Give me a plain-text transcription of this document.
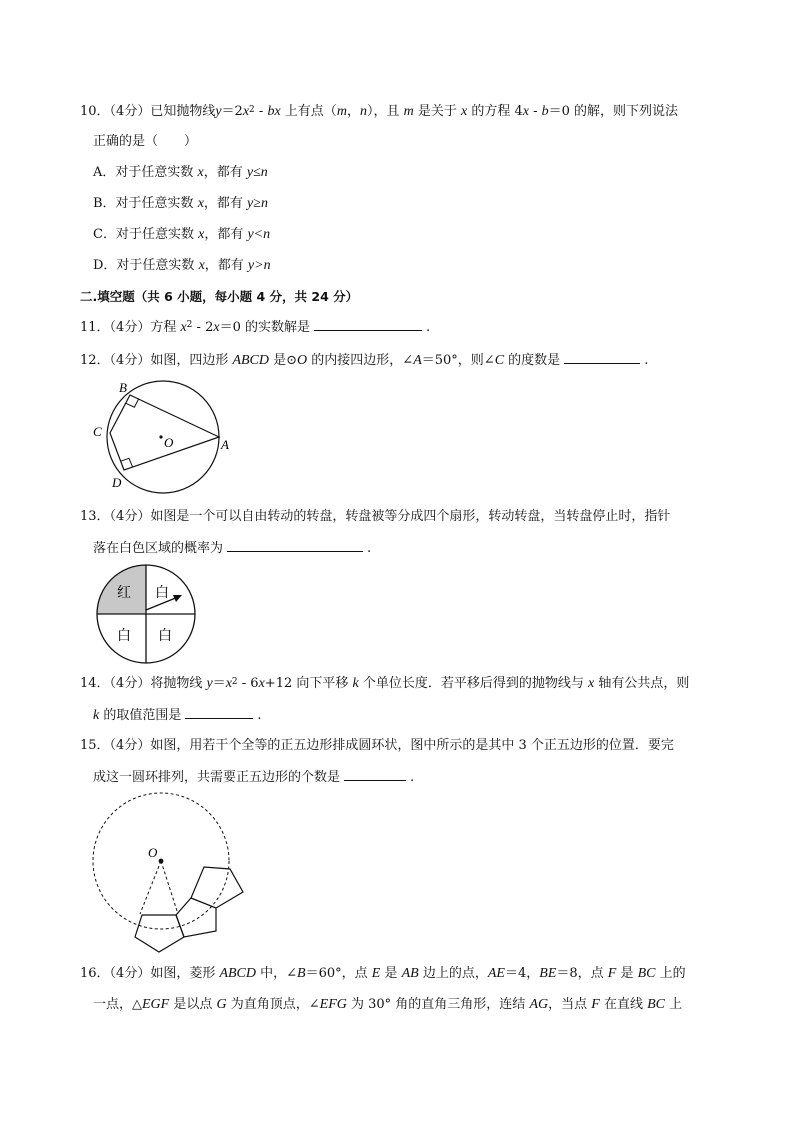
10．（4分）已知抛物线$y=2x^2$ - bx 上有点（m，n），且 m 是关于 x 的方程 4x - b＝0 的解，则下列说法
正确的是（　　）
A．对于任意实数 x，都有 y≤n
B．对于任意实数 x，都有 y≥n
C．对于任意实数 x，都有 y<n
D．对于任意实数 x，都有 y>n
二.填空题（共 6 小题，每小题 4 分，共 24 分）
11．（4分）方程 $x^2 - 2x=0$ 的实数解是	.
12．（4分）如图，四边形 ABCD 是⊙O 的内接四边形，∠A＝50°，则∠C 的度数是	.
B
C
D
A
O
13．（4分）如图是一个可以自由转动的转盘，转盘被等分成四个扇形，转动转盘，当转盘停止时，指针
落在白色区域的概率为	.
红 白
白 白
14．（4分）将抛物线 $y=x^2 - 6x+12$ 向下平移 k 个单位长度．若平移后得到的抛物线与 x 轴有公共点，则
k 的取值范围是	.
15．（4分）如图，用若干个全等的正五边形排成圆环状，图中所示的是其中 3 个正五边形的位置．要完
成这一圆环排列，共需要正五边形的个数是	.
O
16．（4分）如图，菱形 ABCD 中，∠B＝60°，点 E 是 AB 边上的点，AE＝4，BE＝8，点 F 是 BC 上的
一点，△EGF 是以点 G 为直角顶点，∠EFG 为 30° 角的直角三角形，连结 AG，当点 F 在直线 BC 上
